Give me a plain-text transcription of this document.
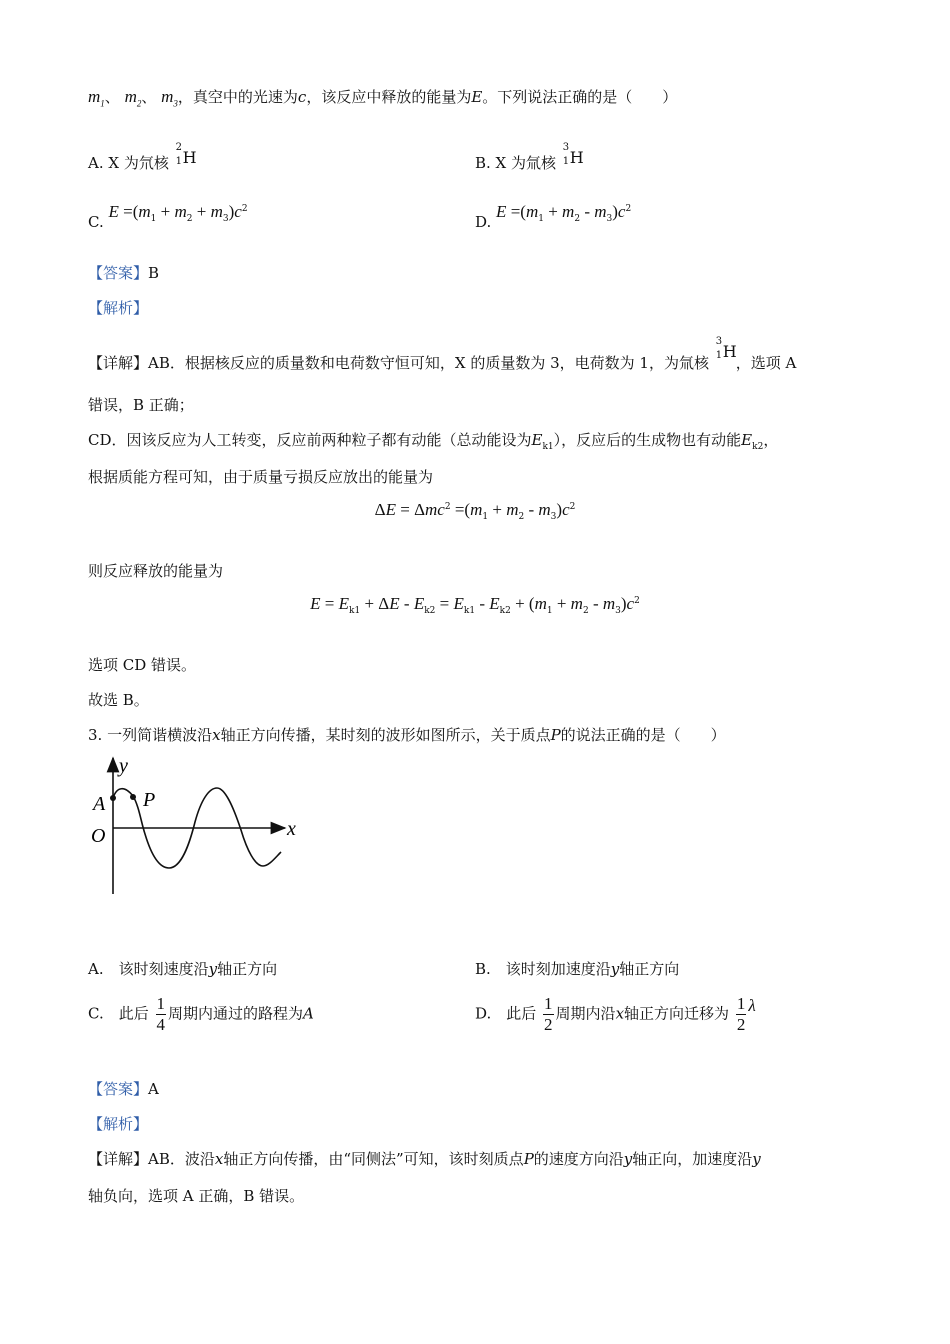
$m_1$、 $m_2$、 $m_3$，真空中的光速为c，该反应中释放的能量为E。下列说法正确的是（　　）
A. X 为氘核
2
1 H	B. X 为氚核
3
1 H
C. $E =(m_1 + m_2 + m_3)c^2$
D. $E =(m_1 + m_2 - m_3)c^2$
【答案】B
【解析】
【详解】AB．根据核反应的质量数和电荷数守恒可知，X 的质量数为 3，电荷数为 1，为氚核
3
1 H
，选项 A
错误，B 正确；
CD．因该反应为人工转变，反应前两种粒子都有动能（总动能设为$E_{k1}$），反应后的生成物也有动能$E_{k2}$，
根据质能方程可知，由于质量亏损反应放出的能量为
$\Delta E = \Delta mc^2 =(m_1 + m_2 - m_3)c^2$
则反应释放的能量为
$E = E_{k1} + \Delta E - E_{k2} = E_{k1} - E_{k2} + (m_1 + m_2 - m_3)c^2$
选项 CD 错误。
故选 B。
3. 一列简谐横波沿x轴正方向传播，某时刻的波形如图所示，关于质点P的说法正确的是（　　）
y
x
O
A P
A.　该时刻速度沿y轴正方向	B.　该时刻加速度沿y轴正方向
C.　此后 $\frac{1}{4}$ 周期内通过的路程为A	D.　此后 $\frac{1}{2}$ 周期内沿x轴正方向迁移为 $\frac{1}{2}$ λ
【答案】A
【解析】
【详解】AB．波沿x轴正方向传播，由“同侧法”可知，该时刻质点P的速度方向沿y轴正向，加速度沿y
轴负向，选项 A 正确，B 错误。
